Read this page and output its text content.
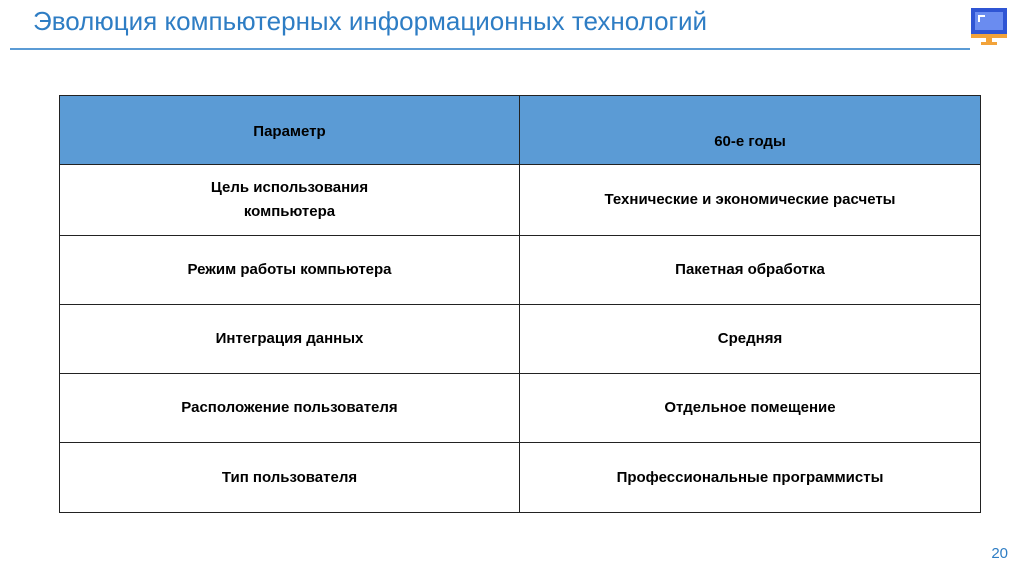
Эволюция компьютерных информационных технологий
Параметр	60-е годы

Цель использования
компьютера	Технические и экономические расчеты
Режим работы компьютера	Пакетная обработка
Интеграция данных	Средняя
Расположение пользователя	Отдельное помещение
Тип пользователя	Профессиональные программисты
20
